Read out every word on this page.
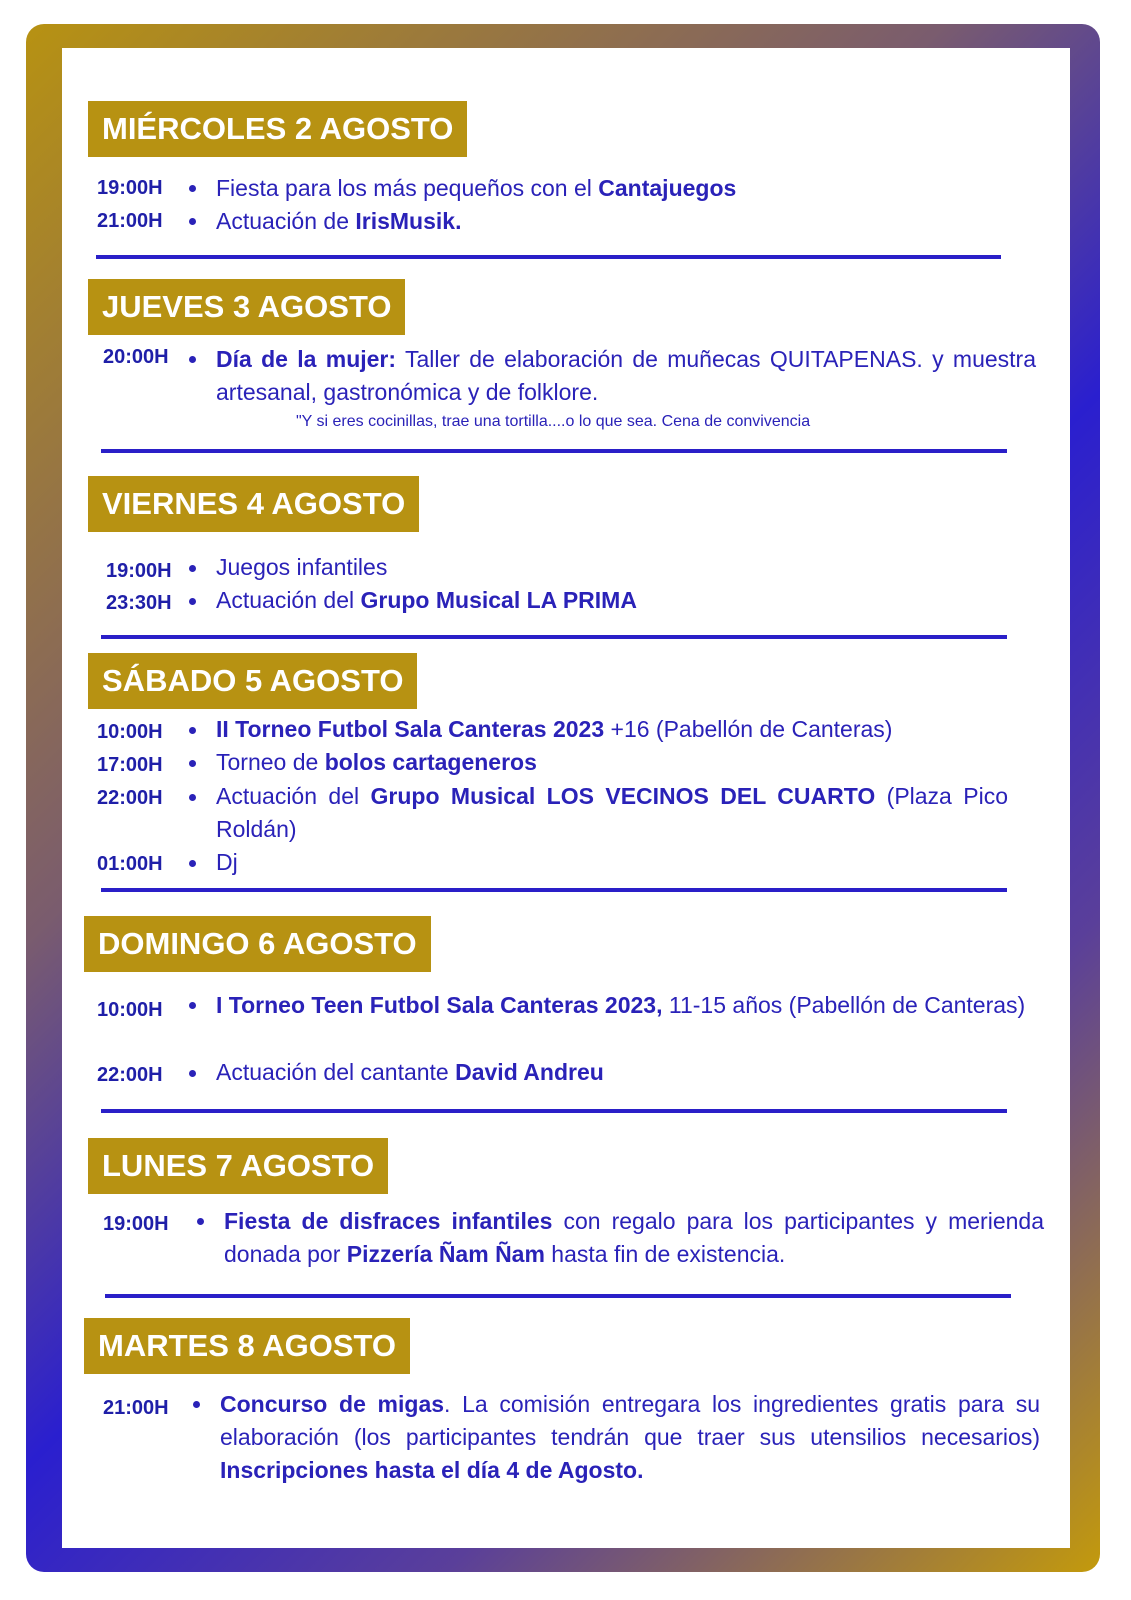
MIÉRCOLES 2 AGOSTO
19:00H Fiesta para los más pequeños con el Cantajuegos
21:00H Actuación de IrisMusik.
JUEVES 3 AGOSTO
20:00H Día de la mujer: Taller de elaboración de muñecas QUITAPENAS. y muestra artesanal, gastronómica y de folklore.
"Y si eres cocinillas, trae una tortilla....o lo que sea. Cena de convivencia
VIERNES 4 AGOSTO
19:00H Juegos infantiles
23:30H Actuación del Grupo Musical LA PRIMA
SÁBADO 5 AGOSTO
10:00H II Torneo Futbol Sala Canteras 2023 +16 (Pabellón de Canteras)
17:00H Torneo de bolos cartageneros
22:00H Actuación del Grupo Musical LOS VECINOS DEL CUARTO (Plaza Pico Roldán)
01:00H Dj
DOMINGO 6 AGOSTO
10:00H I Torneo Teen Futbol Sala Canteras 2023, 11-15 años (Pabellón de Canteras)
22:00H Actuación del cantante David Andreu
LUNES 7 AGOSTO
19:00H Fiesta de disfraces infantiles con regalo para los participantes y merienda donada por Pizzería Ñam Ñam hasta fin de existencia.
MARTES 8 AGOSTO
21:00H Concurso de migas. La comisión entregara los ingredientes gratis para su elaboración (los participantes tendrán que traer sus utensilios necesarios) Inscripciones hasta el día 4 de Agosto.
